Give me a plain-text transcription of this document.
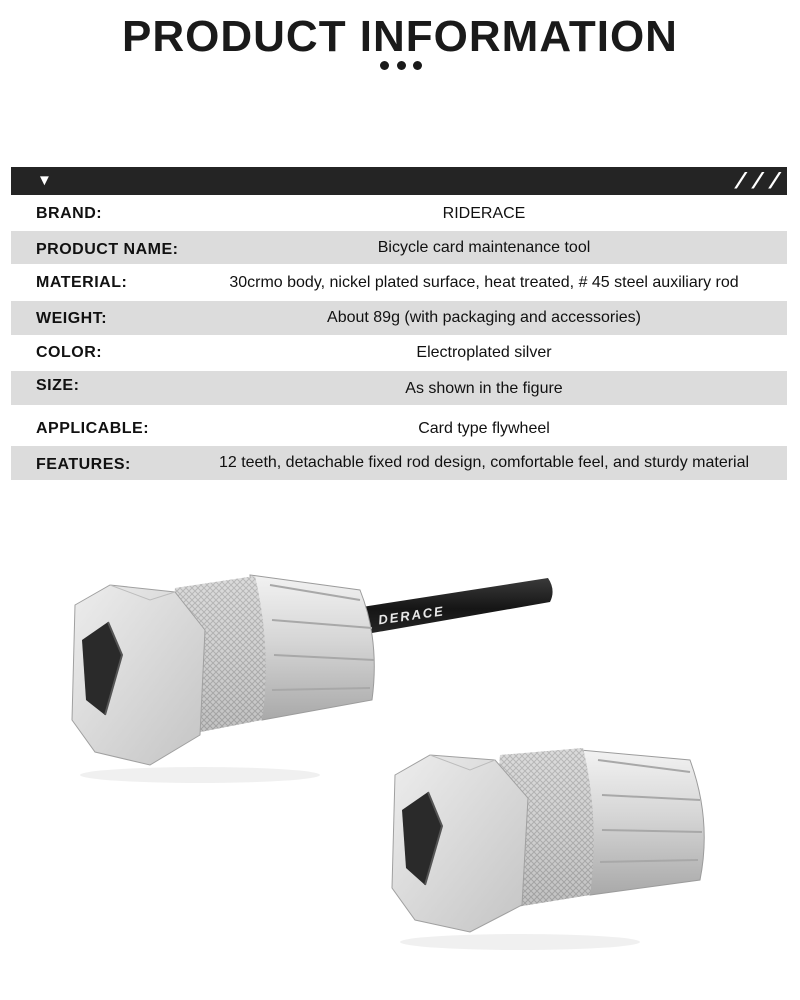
PRODUCT INFORMATION
▼	/ / /
BRAND:	RIDERACE
PRODUCT NAME:	Bicycle card maintenance tool
MATERIAL:	30crmo body, nickel plated surface, heat treated, # 45 steel auxiliary rod
WEIGHT:	About 89g (with packaging and accessories)
COLOR:	Electroplated silver
SIZE:	As shown in the figure
APPLICABLE:	Card type flywheel
FEATURES:	12 teeth, detachable fixed rod design, comfortable feel, and sturdy material
DERACE
